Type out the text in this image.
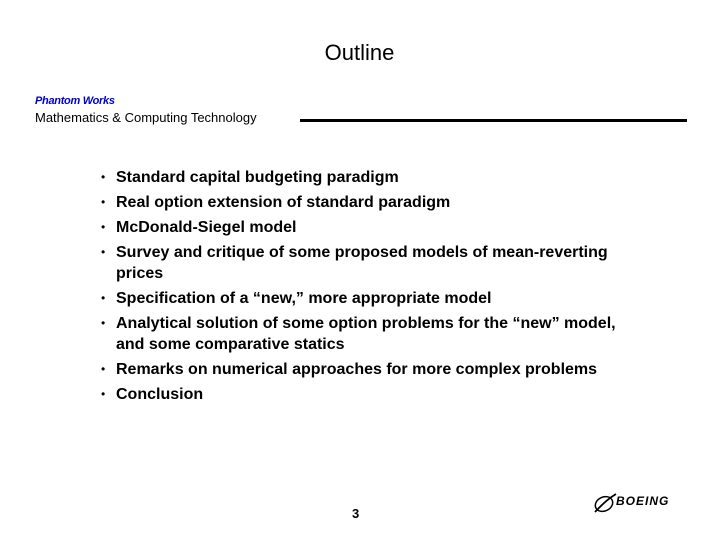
Outline
Phantom Works
Mathematics & Computing Technology
• Standard capital budgeting paradigm
• Real option extension of standard paradigm
• McDonald-Siegel model
• Survey and critique of some proposed models of mean-reverting prices
• Specification of a “new,” more appropriate model
• Analytical solution of some option problems for the “new” model, and some comparative statics
• Remarks on numerical approaches for more complex problems
• Conclusion
3
BOEING
